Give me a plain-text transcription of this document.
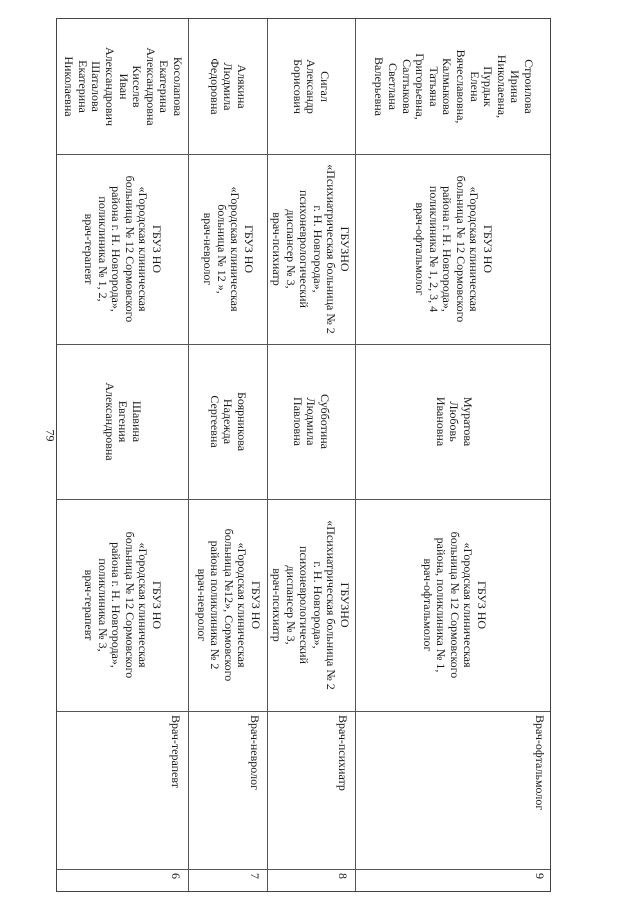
79
Косолапова
Екатерина
Александровна
Киселев
Иван
Александрович
Шаталова
Екатерина
Николаевна
ГБУЗ НО
«Городская клиническая
больница № 12 Сормовского
района г. Н. Новгорода»,
поликлиника № 1, 2,
врач-терапевт
Шавина
Евгения
Александровна
ГБУЗ НО
«Городская клиническая
больница № 12 Сормовского
района г. Н. Новгорода»,
поликлиника № 3,
врач-терапевт
Врач-терапевт
6
Алякина
Людмила
Федоровна
ГБУЗ НО
«Городская клиническая
больница № 12 »,
врач-невролог
Боярникова
Надежда
Сергеевна
ГБУЗ НО
«Городская клиническая
больница №12», Сормовского
района поликлиника № 2
врач-невролог
Врач-невролог
7
Сигал
Александр
Борисович
ГБУЗНО
«Психиатрическая больница № 2
г. Н. Новгорода»,
психоневрологический
диспансер № 3,
врач-психиатр
Субботина
Людмила
Павловна
ГБУЗНО
«Психиатрическая больница № 2
г. Н. Новгорода»,
психоневрологический
диспансер № 3,
врач-психиатр
Врач-психиатр
8
Строилова
Ирина
Николаевна,
Пурдык
Елена
Вячеславовна,
Калмыкова
Татьяна
Григорьевна,
Салтыкова
Светлана
Валерьевна
ГБУЗ НО
«Городская клиническая
больница № 12 Сормовского
района г. Н. Новгорода»,
поликлиника № 1, 2, 3, 4
врач-офтальмолог
Муратова
Любовь
Ивановна
ГБУЗ НО
«Городская клиническая
больница № 12 Сормовского
района, поликлиника № 1,
врач-офтальмолог
Врач-офтальмолог
9
